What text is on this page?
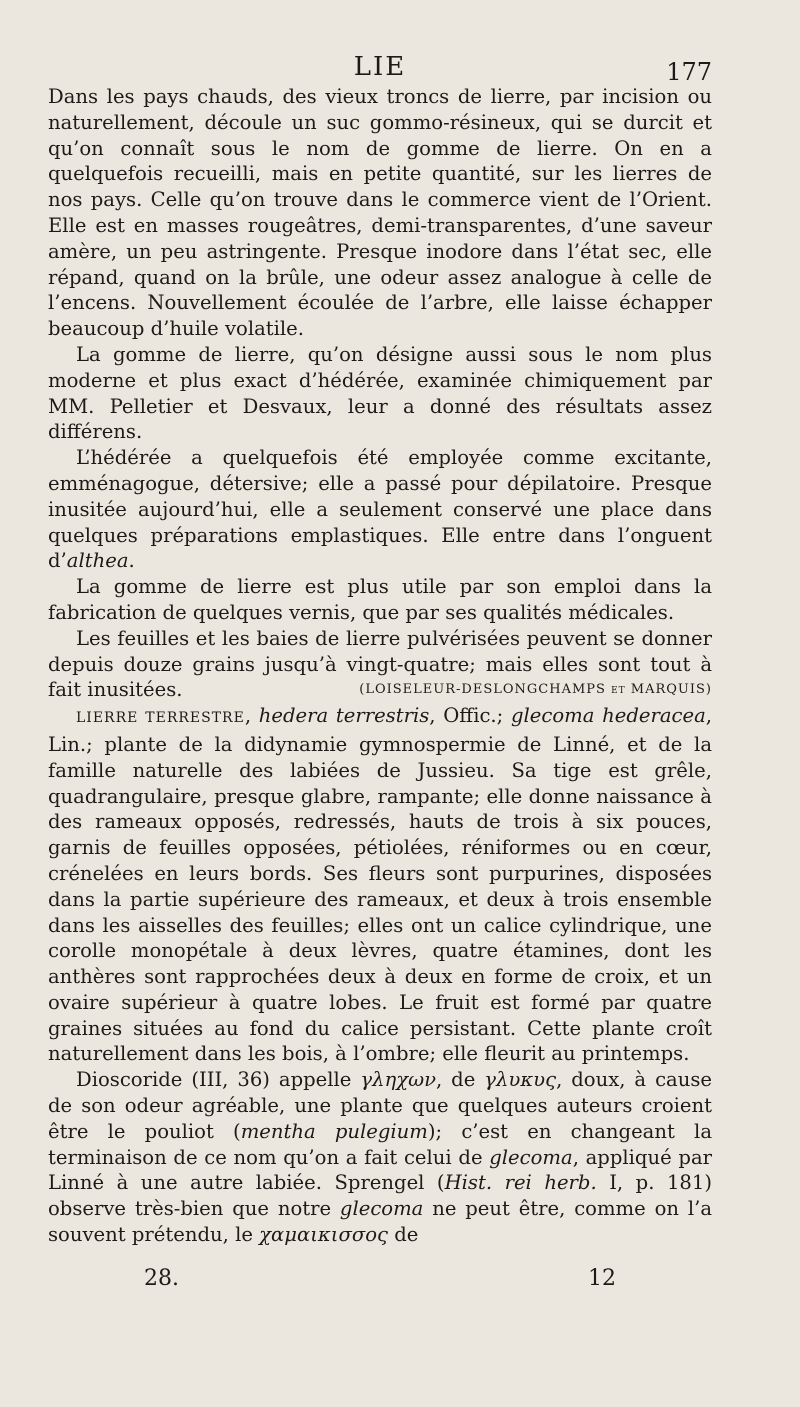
LIE	177

Dans les pays chauds, des vieux troncs de lierre, par incision ou naturellement, découle un suc gommo-résineux, qui se durcit et qu’on connaît sous le nom de gomme de lierre. On en a quelquefois recueilli, mais en petite quantité, sur les lierres de nos pays. Celle qu’on trouve dans le commerce vient de l’Orient. Elle est en masses rougeâtres, demi-transparentes, d’une saveur amère, un peu astringente. Presque inodore dans l’état sec, elle répand, quand on la brûle, une odeur assez analogue à celle de l’encens. Nouvellement écoulée de l’arbre, elle laisse échapper beaucoup d’huile volatile.

La gomme de lierre, qu’on désigne aussi sous le nom plus moderne et plus exact d’hédérée, examinée chimiquement par MM. Pelletier et Desvaux, leur a donné des résultats assez différens.

L’hédérée a quelquefois été employée comme excitante, emménagogue, détersive; elle a passé pour dépilatoire. Presque inusitée aujourd’hui, elle a seulement conservé une place dans quelques préparations emplastiques. Elle entre dans l’onguent d’althea.

La gomme de lierre est plus utile par son emploi dans la fabrication de quelques vernis, que par ses qualités médicales.

Les feuilles et les baies de lierre pulvérisées peuvent se donner depuis douze grains jusqu’à vingt-quatre; mais elles sont tout à fait inusitées.	(LOISELEUR-DESLONGCHAMPS et MARQUIS)

LIERRE TERRESTRE, hedera terrestris, Offic.; glecoma hederacea, Lin.; plante de la didynamie gymnospermie de Linné, et de la famille naturelle des labiées de Jussieu. Sa tige est grêle, quadrangulaire, presque glabre, rampante; elle donne naissance à des rameaux opposés, redressés, hauts de trois à six pouces, garnis de feuilles opposées, pétiolées, réniformes ou en cœur, crénelées en leurs bords. Ses fleurs sont purpurines, disposées dans la partie supérieure des rameaux, et deux à trois ensemble dans les aisselles des feuilles; elles ont un calice cylindrique, une corolle monopétale à deux lèvres, quatre étamines, dont les anthères sont rapprochées deux à deux en forme de croix, et un ovaire supérieur à quatre lobes. Le fruit est formé par quatre graines situées au fond du calice persistant. Cette plante croît naturellement dans les bois, à l’ombre; elle fleurit au printemps.

Dioscoride (III, 36) appelle γληχων, de γλυκυς, doux, à cause de son odeur agréable, une plante que quelques auteurs croient être le pouliot (mentha pulegium); c’est en changeant la terminaison de ce nom qu’on a fait celui de glecoma, appliqué par Linné à une autre labiée. Sprengel (Hist. rei herb. I, p. 181) observe très-bien que notre glecoma ne peut être, comme on l’a souvent prétendu, le χαμαικισσος de

28.	12
